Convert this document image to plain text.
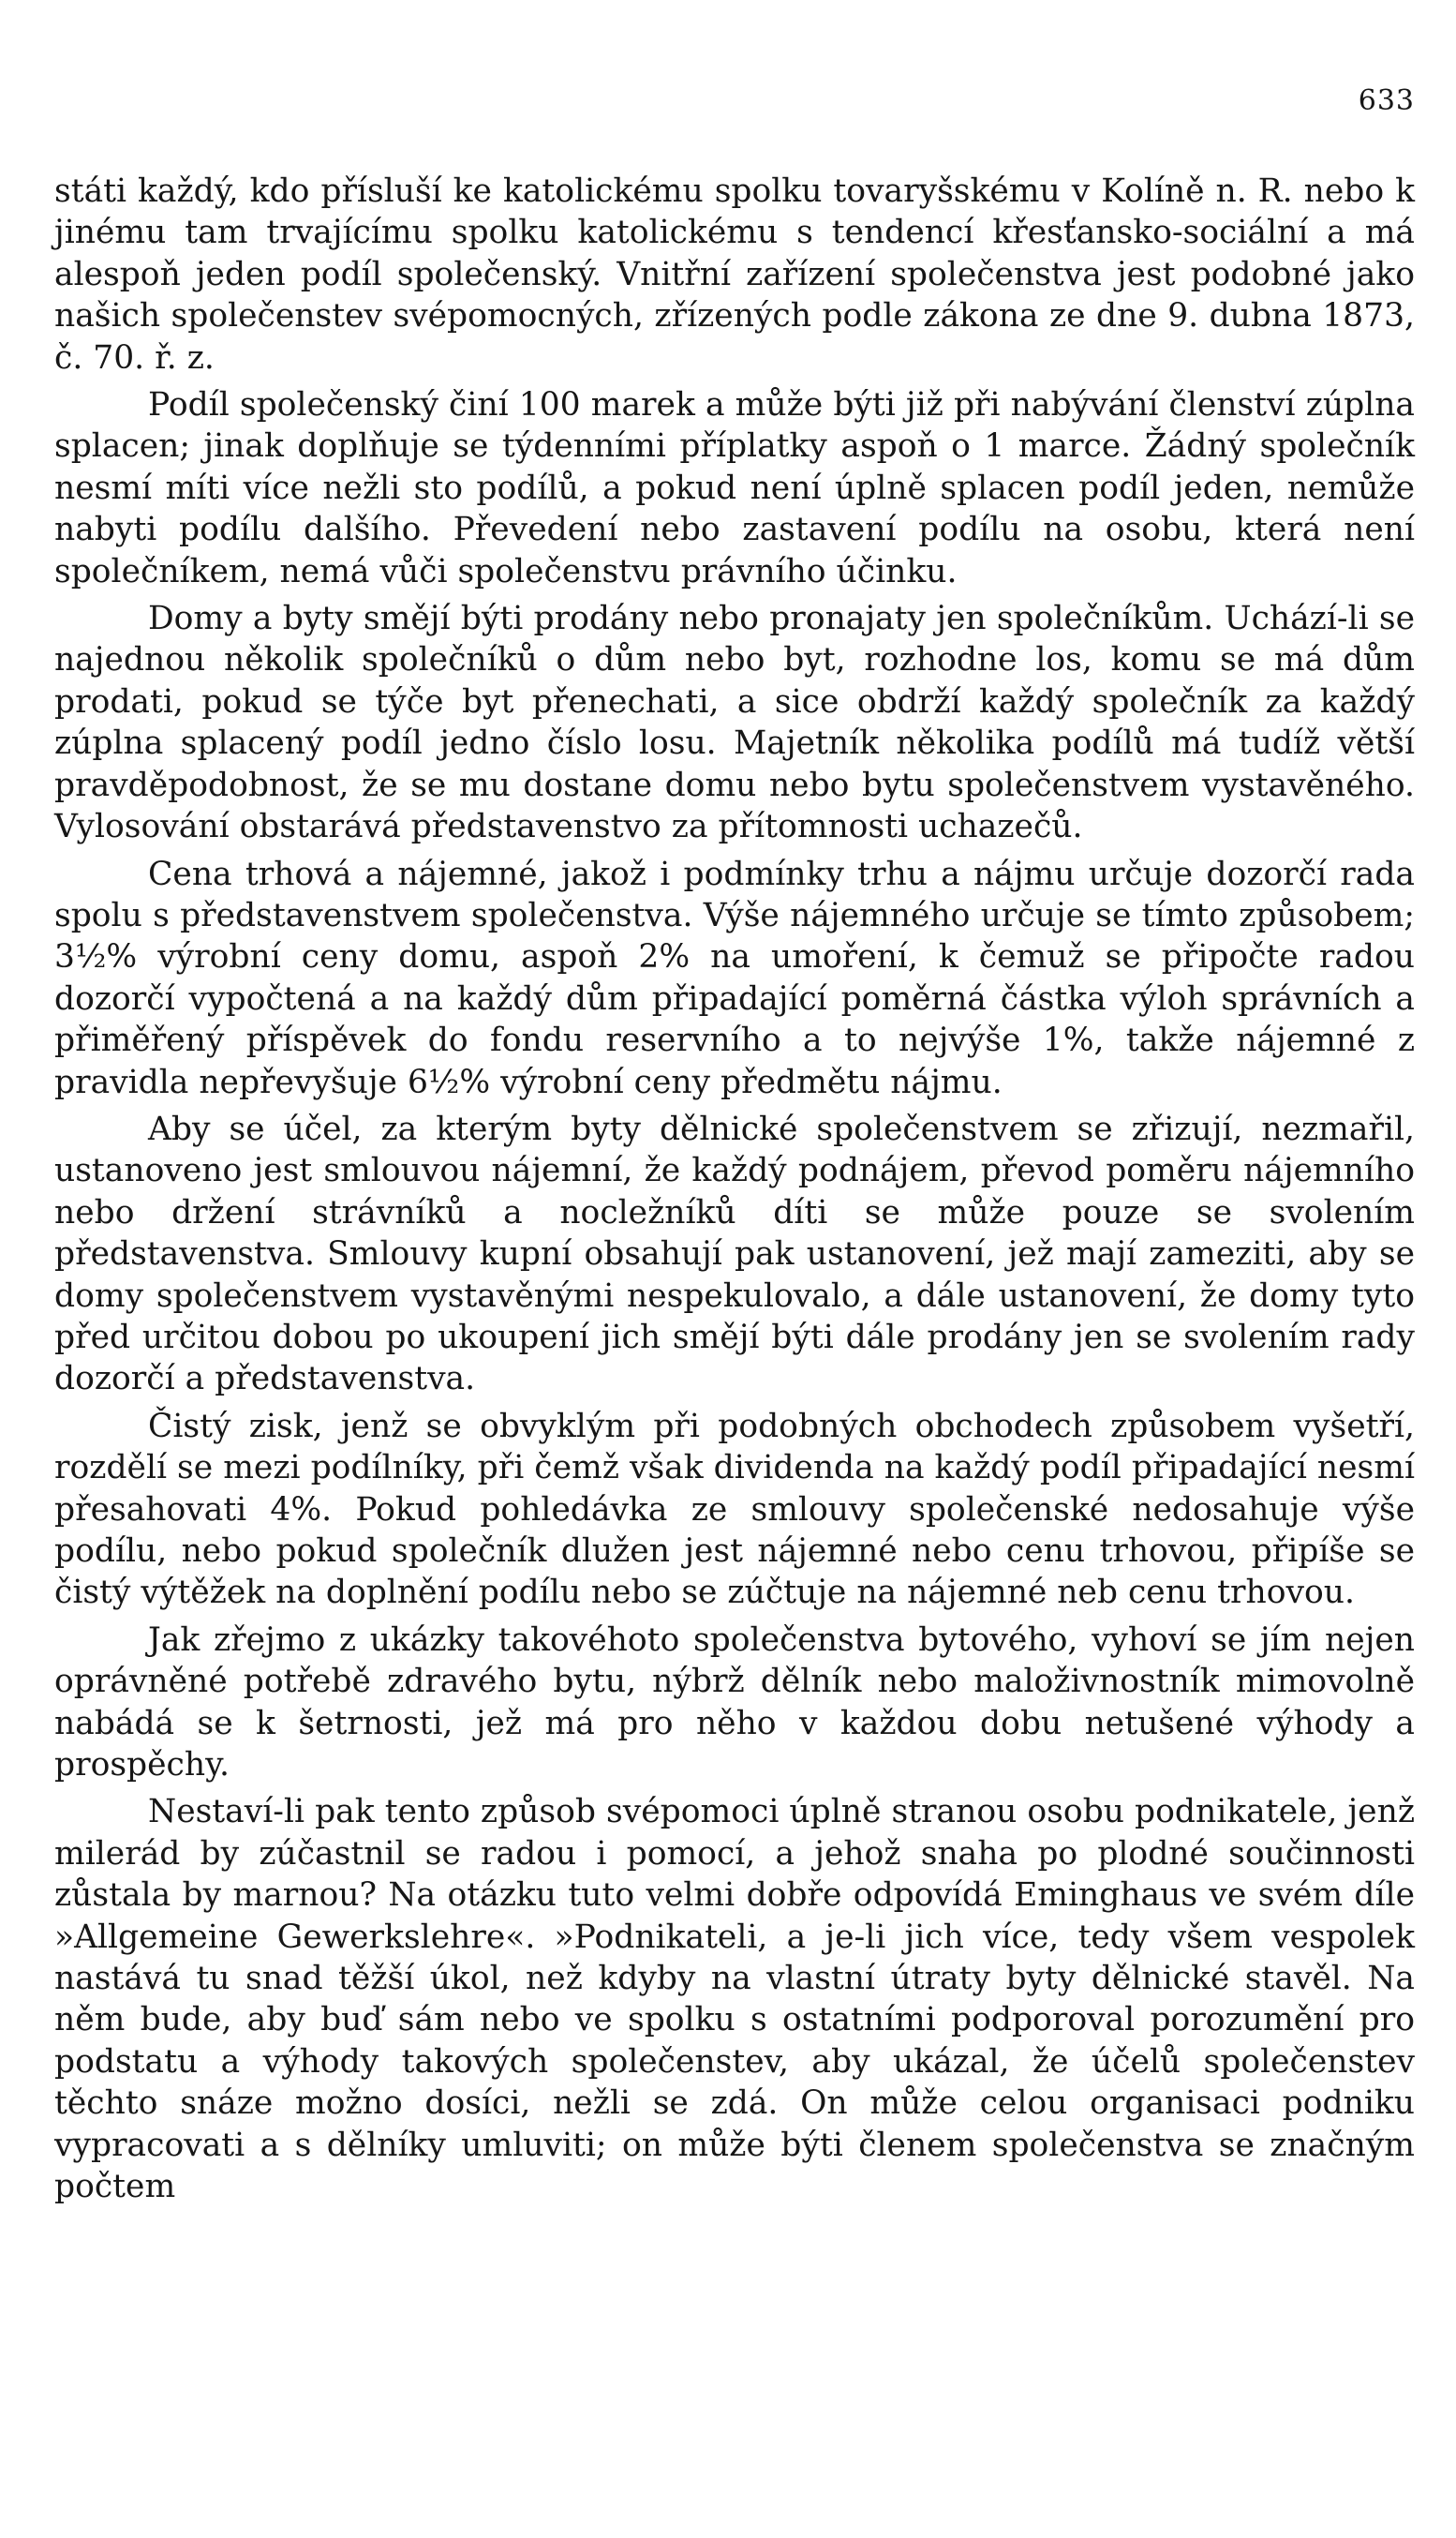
633

státi každý, kdo přísluší ke katolickému spolku tovaryšskému v Kolíně n. R. nebo k jinému tam trvajícímu spolku katolickému s tendencí křesťansko-sociální a má alespoň jeden podíl společenský. Vnitřní zařízení společenstva jest podobné jako našich společenstev svépomocných, zřízených podle zákona ze dne 9. dubna 1873, č. 70. ř. z.

Podíl společenský činí 100 marek a může býti již při nabývání členství zúplna splacen; jinak doplňuje se týdenními příplatky aspoň o 1 marce. Žádný společník nesmí míti více nežli sto podílů, a pokud není úplně splacen podíl jeden, nemůže nabyti podílu dalšího. Převedení nebo zastavení podílu na osobu, která není společníkem, nemá vůči společenstvu právního účinku.

Domy a byty smějí býti prodány nebo pronajaty jen společníkům. Uchází-li se najednou několik společníků o dům nebo byt, rozhodne los, komu se má dům prodati, pokud se týče byt přenechati, a sice obdrží každý společník za každý zúplna splacený podíl jedno číslo losu. Majetník několika podílů má tudíž větší pravděpodobnost, že se mu dostane domu nebo bytu společenstvem vystavěného. Vylosování obstarává představenstvo za přítomnosti uchazečů.

Cena trhová a nájemné, jakož i podmínky trhu a nájmu určuje dozorčí rada spolu s představenstvem společenstva. Výše nájemného určuje se tímto způsobem; 3½% výrobní ceny domu, aspoň 2% na umoření, k čemuž se připočte radou dozorčí vypočtená a na každý dům připadající poměrná částka výloh správních a přiměřený příspěvek do fondu reservního a to nejvýše 1%, takže nájemné z pravidla nepřevyšuje 6½% výrobní ceny předmětu nájmu.

Aby se účel, za kterým byty dělnické společenstvem se zřizují, nezmařil, ustanoveno jest smlouvou nájemní, že každý podnájem, převod poměru nájemního nebo držení strávníků a nocležníků díti se může pouze se svolením představenstva. Smlouvy kupní obsahují pak ustanovení, jež mají zameziti, aby se domy společenstvem vystavěnými nespekulovalo, a dále ustanovení, že domy tyto před určitou dobou po ukoupení jich smějí býti dále prodány jen se svolením rady dozorčí a představenstva.

Čistý zisk, jenž se obvyklým při podobných obchodech způsobem vyšetří, rozdělí se mezi podílníky, při čemž však dividenda na každý podíl připadající nesmí přesahovati 4%. Pokud pohledávka ze smlouvy společenské nedosahuje výše podílu, nebo pokud společník dlužen jest nájemné nebo cenu trhovou, připíše se čistý výtěžek na doplnění podílu nebo se zúčtuje na nájemné neb cenu trhovou.

Jak zřejmo z ukázky takovéhoto společenstva bytového, vyhoví se jím nejen oprávněné potřebě zdravého bytu, nýbrž dělník nebo maloživnostník mimovolně nabádá se k šetrnosti, jež má pro něho v každou dobu netušené výhody a prospěchy.

Nestaví-li pak tento způsob svépomoci úplně stranou osobu podnikatele, jenž milerád by zúčastnil se radou i pomocí, a jehož snaha po plodné součinnosti zůstala by marnou? Na otázku tuto velmi dobře odpovídá Eminghaus ve svém díle »Allgemeine Gewerkslehre«. »Podnikateli, a je-li jich více, tedy všem vespolek nastává tu snad těžší úkol, než kdyby na vlastní útraty byty dělnické stavěl. Na něm bude, aby buď sám nebo ve spolku s ostatními podporoval porozumění pro podstatu a výhody takových společenstev, aby ukázal, že účelů společenstev těchto snáze možno dosíci, nežli se zdá. On může celou organisaci podniku vypracovati a s dělníky umluviti; on může býti členem společenstva se značným počtem
